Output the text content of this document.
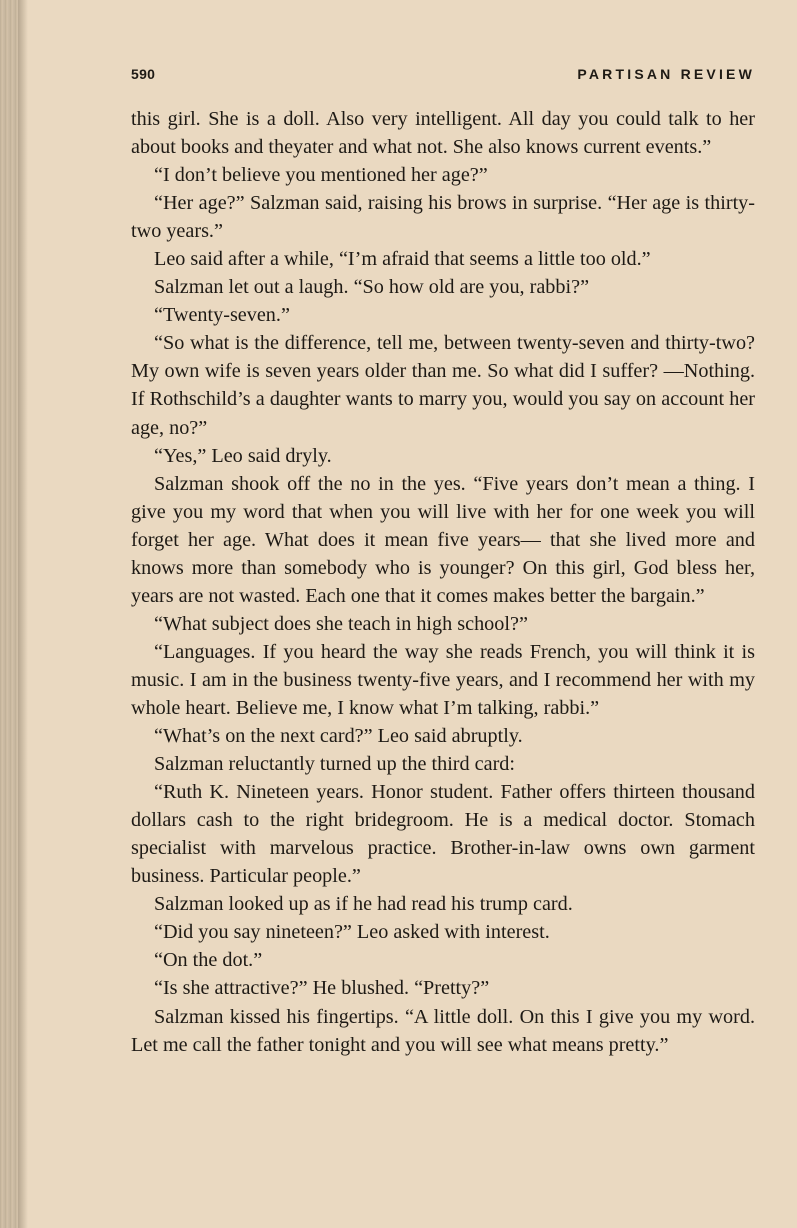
590	PARTISAN REVIEW

this girl. She is a doll. Also very intelligent. All day you could talk to her about books and theyater and what not. She also knows current events.”

“I don’t believe you mentioned her age?”

“Her age?” Salzman said, raising his brows in surprise. “Her age is thirty-two years.”

Leo said after a while, “I’m afraid that seems a little too old.”

Salzman let out a laugh. “So how old are you, rabbi?”

“Twenty-seven.”

“So what is the difference, tell me, between twenty-seven and thirty-two? My own wife is seven years older than me. So what did I suffer? —Nothing. If Rothschild’s a daughter wants to marry you, would you say on account her age, no?”

“Yes,” Leo said dryly.

Salzman shook off the no in the yes. “Five years don’t mean a thing. I give you my word that when you will live with her for one week you will forget her age. What does it mean five years— that she lived more and knows more than somebody who is younger? On this girl, God bless her, years are not wasted. Each one that it comes makes better the bargain.”

“What subject does she teach in high school?”

“Languages. If you heard the way she reads French, you will think it is music. I am in the business twenty-five years, and I recommend her with my whole heart. Believe me, I know what I’m talking, rabbi.”

“What’s on the next card?” Leo said abruptly.

Salzman reluctantly turned up the third card:

“Ruth K. Nineteen years. Honor student. Father offers thirteen thousand dollars cash to the right bridegroom. He is a medical doctor. Stomach specialist with marvelous practice. Brother-in-law owns own garment business. Particular people.”

Salzman looked up as if he had read his trump card.

“Did you say nineteen?” Leo asked with interest.

“On the dot.”

“Is she attractive?” He blushed. “Pretty?”

Salzman kissed his fingertips. “A little doll. On this I give you my word. Let me call the father tonight and you will see what means pretty.”
